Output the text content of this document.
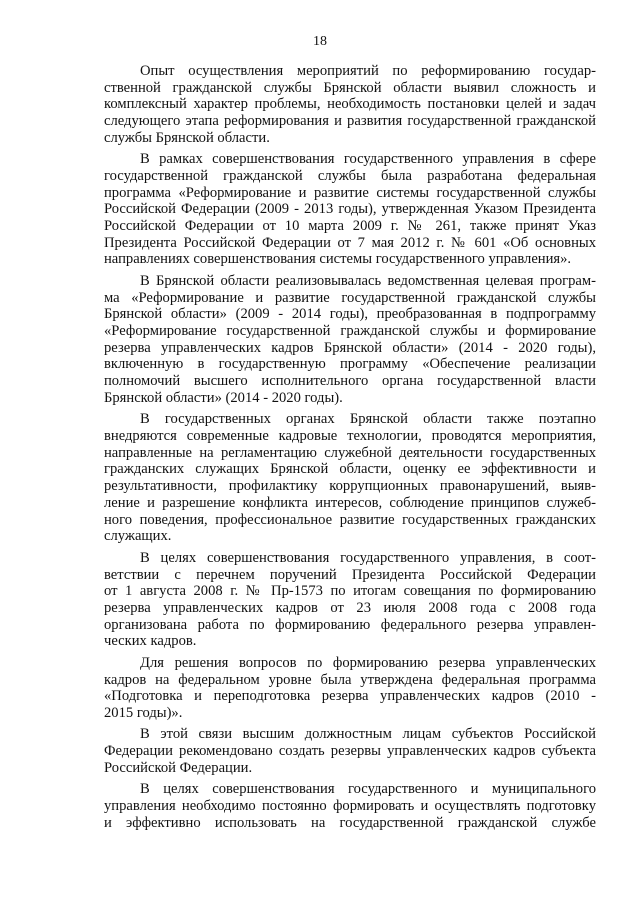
18

Опыт осуществления мероприятий по реформированию государ-
ственной гражданской службы Брянской области выявил сложность и
комплексный характер проблемы, необходимость постановки целей и задач
следующего этапа реформирования и развития государственной гражданской
службы Брянской области.

В рамках совершенствования государственного управления в сфере
государственной гражданской службы была разработана федеральная
программа «Реформирование и развитие системы государственной службы
Российской Федерации (2009 - 2013 годы), утвержденная Указом Президента
Российской Федерации от 10 марта 2009 г. № 261, также принят Указ
Президента Российской Федерации от 7 мая 2012 г. № 601 «Об основных
направлениях совершенствования системы государственного управления».

В Брянской области реализовывалась ведомственная целевая програм-
ма «Реформирование и развитие государственной гражданской службы
Брянской области» (2009 - 2014 годы), преобразованная в подпрограмму
«Реформирование государственной гражданской службы и формирование
резерва управленческих кадров Брянской области» (2014 - 2020 годы),
включенную в государственную программу «Обеспечение реализации
полномочий высшего исполнительного органа государственной власти
Брянской области» (2014 - 2020 годы).

В государственных органах Брянской области также поэтапно
внедряются современные кадровые технологии, проводятся мероприятия,
направленные на регламентацию служебной деятельности государственных
гражданских служащих Брянской области, оценку ее эффективности и
результативности, профилактику коррупционных правонарушений, выяв-
ление и разрешение конфликта интересов, соблюдение принципов служеб-
ного поведения, профессиональное развитие государственных гражданских
служащих.

В целях совершенствования государственного управления, в соот-
ветствии с перечнем поручений Президента Российской Федерации
от 1 августа 2008 г. № Пр-1573 по итогам совещания по формированию
резерва управленческих кадров от 23 июля 2008 года с 2008 года
организована работа по формированию федерального резерва управлен-
ческих кадров.

Для решения вопросов по формированию резерва управленческих
кадров на федеральном уровне была утверждена федеральная программа
«Подготовка и переподготовка резерва управленческих кадров (2010 -
2015 годы)».

В этой связи высшим должностным лицам субъектов Российской
Федерации рекомендовано создать резервы управленческих кадров субъекта
Российской Федерации.

В целях совершенствования государственного и муниципального
управления необходимо постоянно формировать и осуществлять подготовку
и эффективно использовать на государственной гражданской службе
